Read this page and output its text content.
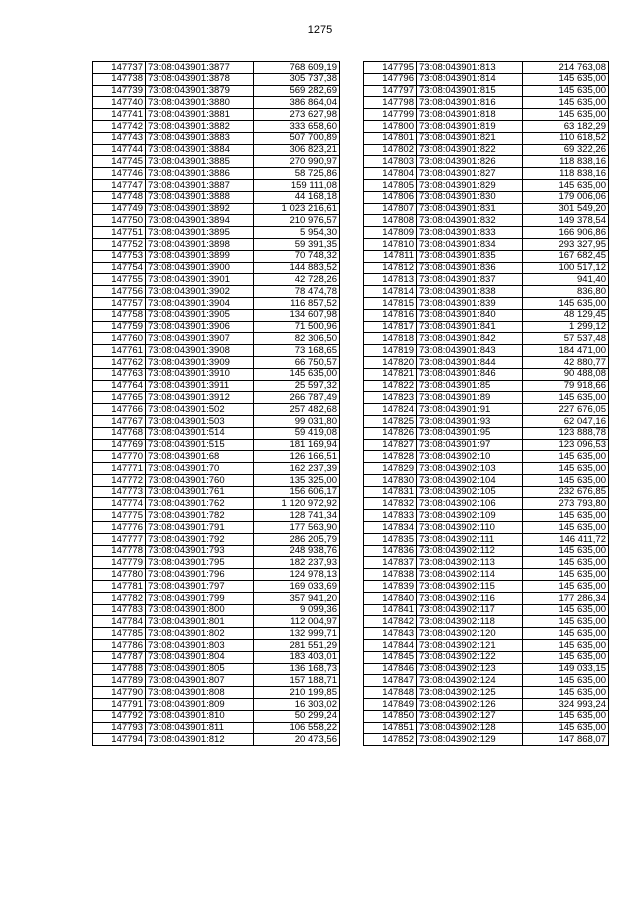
1275
147737	73:08:043901:3877	768 609,19
147738	73:08:043901:3878	305 737,38
147739	73:08:043901:3879	569 282,69
147740	73:08:043901:3880	386 864,04
147741	73:08:043901:3881	273 627,98
147742	73:08:043901:3882	333 658,60
147743	73:08:043901:3883	507 700,89
147744	73:08:043901:3884	306 823,21
147745	73:08:043901:3885	270 990,97
147746	73:08:043901:3886	58 725,86
147747	73:08:043901:3887	159 111,08
147748	73:08:043901:3888	44 168,18
147749	73:08:043901:3892	1 023 216,61
147750	73:08:043901:3894	210 976,57
147751	73:08:043901:3895	5 954,30
147752	73:08:043901:3898	59 391,35
147753	73:08:043901:3899	70 748,32
147754	73:08:043901:3900	144 883,52
147755	73:08:043901:3901	42 728,26
147756	73:08:043901:3902	78 474,78
147757	73:08:043901:3904	116 857,52
147758	73:08:043901:3905	134 607,98
147759	73:08:043901:3906	71 500,96
147760	73:08:043901:3907	82 306,50
147761	73:08:043901:3908	73 168,65
147762	73:08:043901:3909	66 750,57
147763	73:08:043901:3910	145 635,00
147764	73:08:043901:3911	25 597,32
147765	73:08:043901:3912	266 787,49
147766	73:08:043901:502	257 482,68
147767	73:08:043901:503	99 031,80
147768	73:08:043901:514	59 419,08
147769	73:08:043901:515	181 169,94
147770	73:08:043901:68	126 166,51
147771	73:08:043901:70	162 237,39
147772	73:08:043901:760	135 325,00
147773	73:08:043901:761	156 606,17
147774	73:08:043901:762	1 120 972,92
147775	73:08:043901:782	128 741,34
147776	73:08:043901:791	177 563,90
147777	73:08:043901:792	286 205,79
147778	73:08:043901:793	248 938,76
147779	73:08:043901:795	182 237,93
147780	73:08:043901:796	124 978,13
147781	73:08:043901:797	169 033,69
147782	73:08:043901:799	357 941,20
147783	73:08:043901:800	9 099,36
147784	73:08:043901:801	112 004,97
147785	73:08:043901:802	132 999,71
147786	73:08:043901:803	281 551,29
147787	73:08:043901:804	183 403,01
147788	73:08:043901:805	136 168,73
147789	73:08:043901:807	157 188,71
147790	73:08:043901:808	210 199,85
147791	73:08:043901:809	16 303,02
147792	73:08:043901:810	50 299,24
147793	73:08:043901:811	106 558,22
147794	73:08:043901:812	20 473,56
147795	73:08:043901:813	214 763,08
147796	73:08:043901:814	145 635,00
147797	73:08:043901:815	145 635,00
147798	73:08:043901:816	145 635,00
147799	73:08:043901:818	145 635,00
147800	73:08:043901:819	63 182,29
147801	73:08:043901:821	110 618,52
147802	73:08:043901:822	69 322,26
147803	73:08:043901:826	118 838,16
147804	73:08:043901:827	118 838,16
147805	73:08:043901:829	145 635,00
147806	73:08:043901:830	179 006,06
147807	73:08:043901:831	301 549,20
147808	73:08:043901:832	149 378,54
147809	73:08:043901:833	166 906,86
147810	73:08:043901:834	293 327,95
147811	73:08:043901:835	167 682,45
147812	73:08:043901:836	100 517,12
147813	73:08:043901:837	941,40
147814	73:08:043901:838	836,80
147815	73:08:043901:839	145 635,00
147816	73:08:043901:840	48 129,45
147817	73:08:043901:841	1 299,12
147818	73:08:043901:842	57 537,48
147819	73:08:043901:843	184 471,00
147820	73:08:043901:844	42 880,77
147821	73:08:043901:846	90 488,08
147822	73:08:043901:85	79 918,66
147823	73:08:043901:89	145 635,00
147824	73:08:043901:91	227 676,05
147825	73:08:043901:93	62 047,16
147826	73:08:043901:95	123 888,78
147827	73:08:043901:97	123 096,53
147828	73:08:043902:10	145 635,00
147829	73:08:043902:103	145 635,00
147830	73:08:043902:104	145 635,00
147831	73:08:043902:105	232 676,85
147832	73:08:043902:106	273 793,80
147833	73:08:043902:109	145 635,00
147834	73:08:043902:110	145 635,00
147835	73:08:043902:111	146 411,72
147836	73:08:043902:112	145 635,00
147837	73:08:043902:113	145 635,00
147838	73:08:043902:114	145 635,00
147839	73:08:043902:115	145 635,00
147840	73:08:043902:116	177 286,34
147841	73:08:043902:117	145 635,00
147842	73:08:043902:118	145 635,00
147843	73:08:043902:120	145 635,00
147844	73:08:043902:121	145 635,00
147845	73:08:043902:122	145 635,00
147846	73:08:043902:123	149 033,15
147847	73:08:043902:124	145 635,00
147848	73:08:043902:125	145 635,00
147849	73:08:043902:126	324 993,24
147850	73:08:043902:127	145 635,00
147851	73:08:043902:128	145 635,00
147852	73:08:043902:129	147 868,07
